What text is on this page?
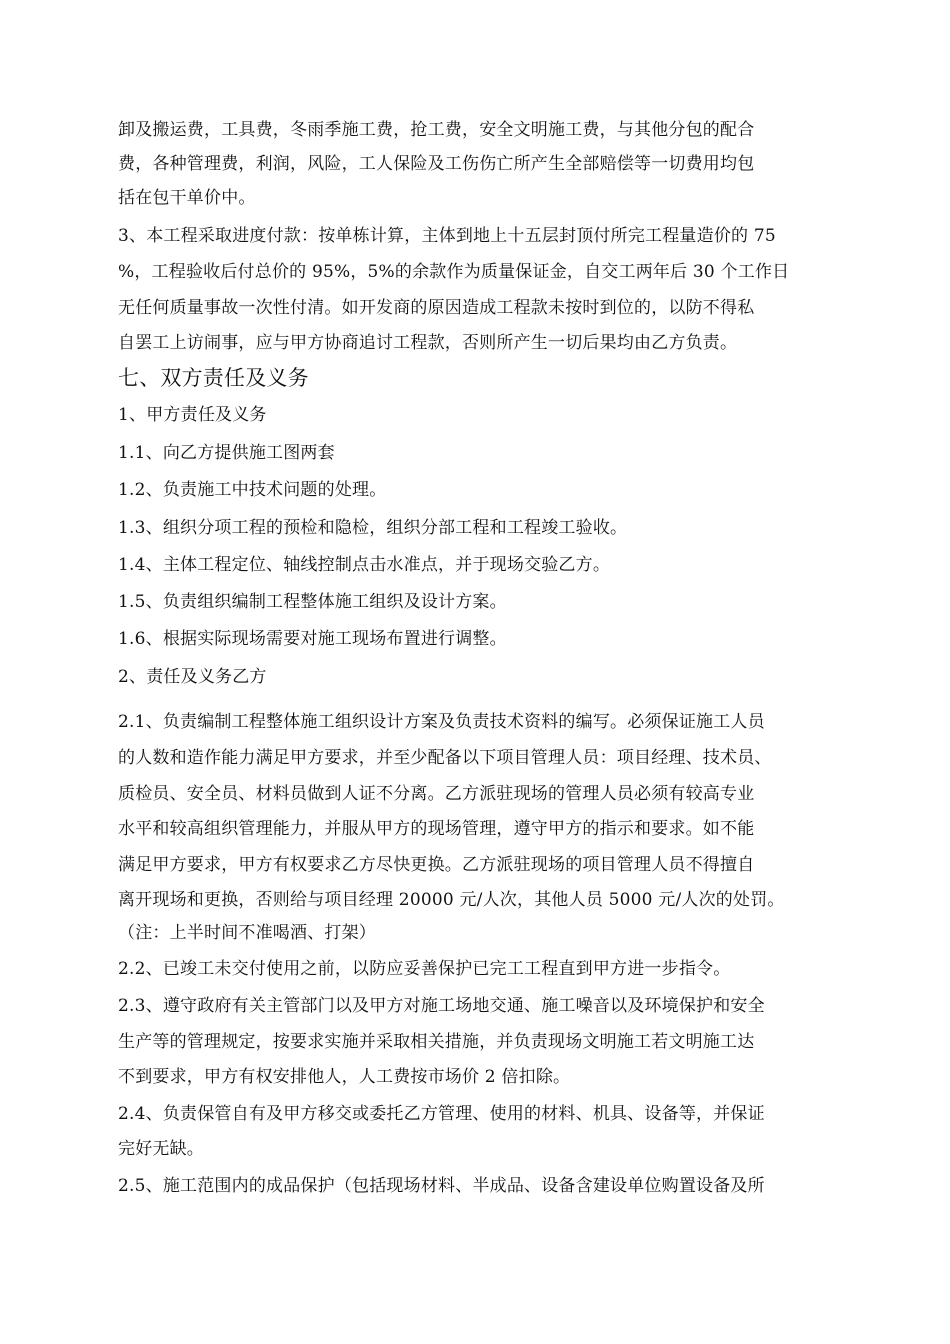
卸及搬运费，工具费，冬雨季施工费，抢工费，安全文明施工费，与其他分包的配合
费，各种管理费，利润，风险，工人保险及工伤伤亡所产生全部赔偿等一切费用均包
括在包干单价中。
3、本工程采取进度付款：按单栋计算，主体到地上十五层封顶付所完工程量造价的 75
%，工程验收后付总价的 95%，5%的余款作为质量保证金，自交工两年后 30 个工作日
无任何质量事故一次性付清。如开发商的原因造成工程款未按时到位的，以防不得私
自罢工上访闹事，应与甲方协商追讨工程款，否则所产生一切后果均由乙方负责。
七、双方责任及义务
1、甲方责任及义务
1.1、向乙方提供施工图两套
1.2、负责施工中技术问题的处理。
1.3、组织分项工程的预检和隐检，组织分部工程和工程竣工验收。
1.4、主体工程定位、轴线控制点击水准点，并于现场交验乙方。
1.5、负责组织编制工程整体施工组织及设计方案。
1.6、根据实际现场需要对施工现场布置进行调整。
2、责任及义务乙方
2.1、负责编制工程整体施工组织设计方案及负责技术资料的编写。必须保证施工人员
的人数和造作能力满足甲方要求，并至少配备以下项目管理人员：项目经理、技术员、
质检员、安全员、材料员做到人证不分离。乙方派驻现场的管理人员必须有较高专业
水平和较高组织管理能力，并服从甲方的现场管理，遵守甲方的指示和要求。如不能
满足甲方要求，甲方有权要求乙方尽快更换。乙方派驻现场的项目管理人员不得擅自
离开现场和更换，否则给与项目经理 20000 元/人次，其他人员 5000 元/人次的处罚。
（注：上半时间不准喝酒、打架）
2.2、已竣工未交付使用之前，以防应妥善保护已完工工程直到甲方进一步指令。
2.3、遵守政府有关主管部门以及甲方对施工场地交通、施工噪音以及环境保护和安全
生产等的管理规定，按要求实施并采取相关措施，并负责现场文明施工若文明施工达
不到要求，甲方有权安排他人，人工费按市场价 2 倍扣除。
2.4、负责保管自有及甲方移交或委托乙方管理、使用的材料、机具、设备等，并保证
完好无缺。
2.5、施工范围内的成品保护（包括现场材料、半成品、设备含建设单位购置设备及所
